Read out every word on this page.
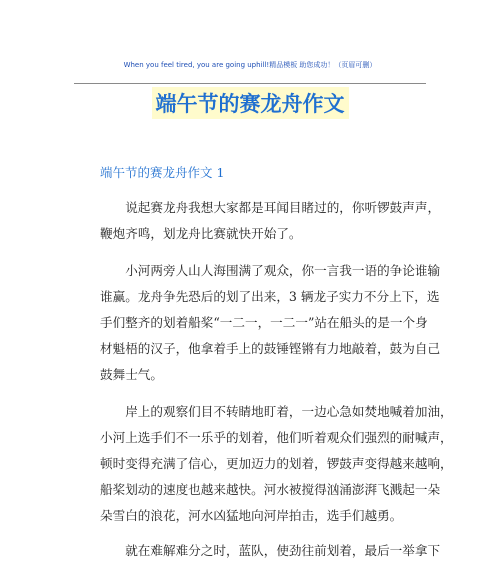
When you feel tired, you are going uphill!精品模板 助您成功！（页眉可删）
端午节的赛龙舟作文
端午节的赛龙舟作文 1
　　说起赛龙舟我想大家都是耳闻目睹过的，你听锣鼓声声，
鞭炮齐鸣，划龙舟比赛就快开始了。
　　小河两旁人山人海围满了观众，你一言我一语的争论谁输
谁赢。龙舟争先恐后的划了出来，3 辆龙子实力不分上下，选
手们整齐的划着船桨“一二一，一二一”站在船头的是一个身
材魁梧的汉子，他拿着手上的鼓锤铿锵有力地敲着，鼓为自己
鼓舞士气。
　　岸上的观察们目不转睛地盯着，一边心急如焚地喊着加油，
小河上选手们不一乐乎的划着，他们听着观众们强烈的耐喊声，
顿时变得充满了信心，更加迈力的划着，锣鼓声变得越来越响，
船桨划动的速度也越来越快。河水被搅得汹涌澎湃飞溅起一朵
朵雪白的浪花，河水凶猛地向河岸拍击，选手们越勇。
　　就在难解难分之时，蓝队，使劲往前划着，最后一举拿下
